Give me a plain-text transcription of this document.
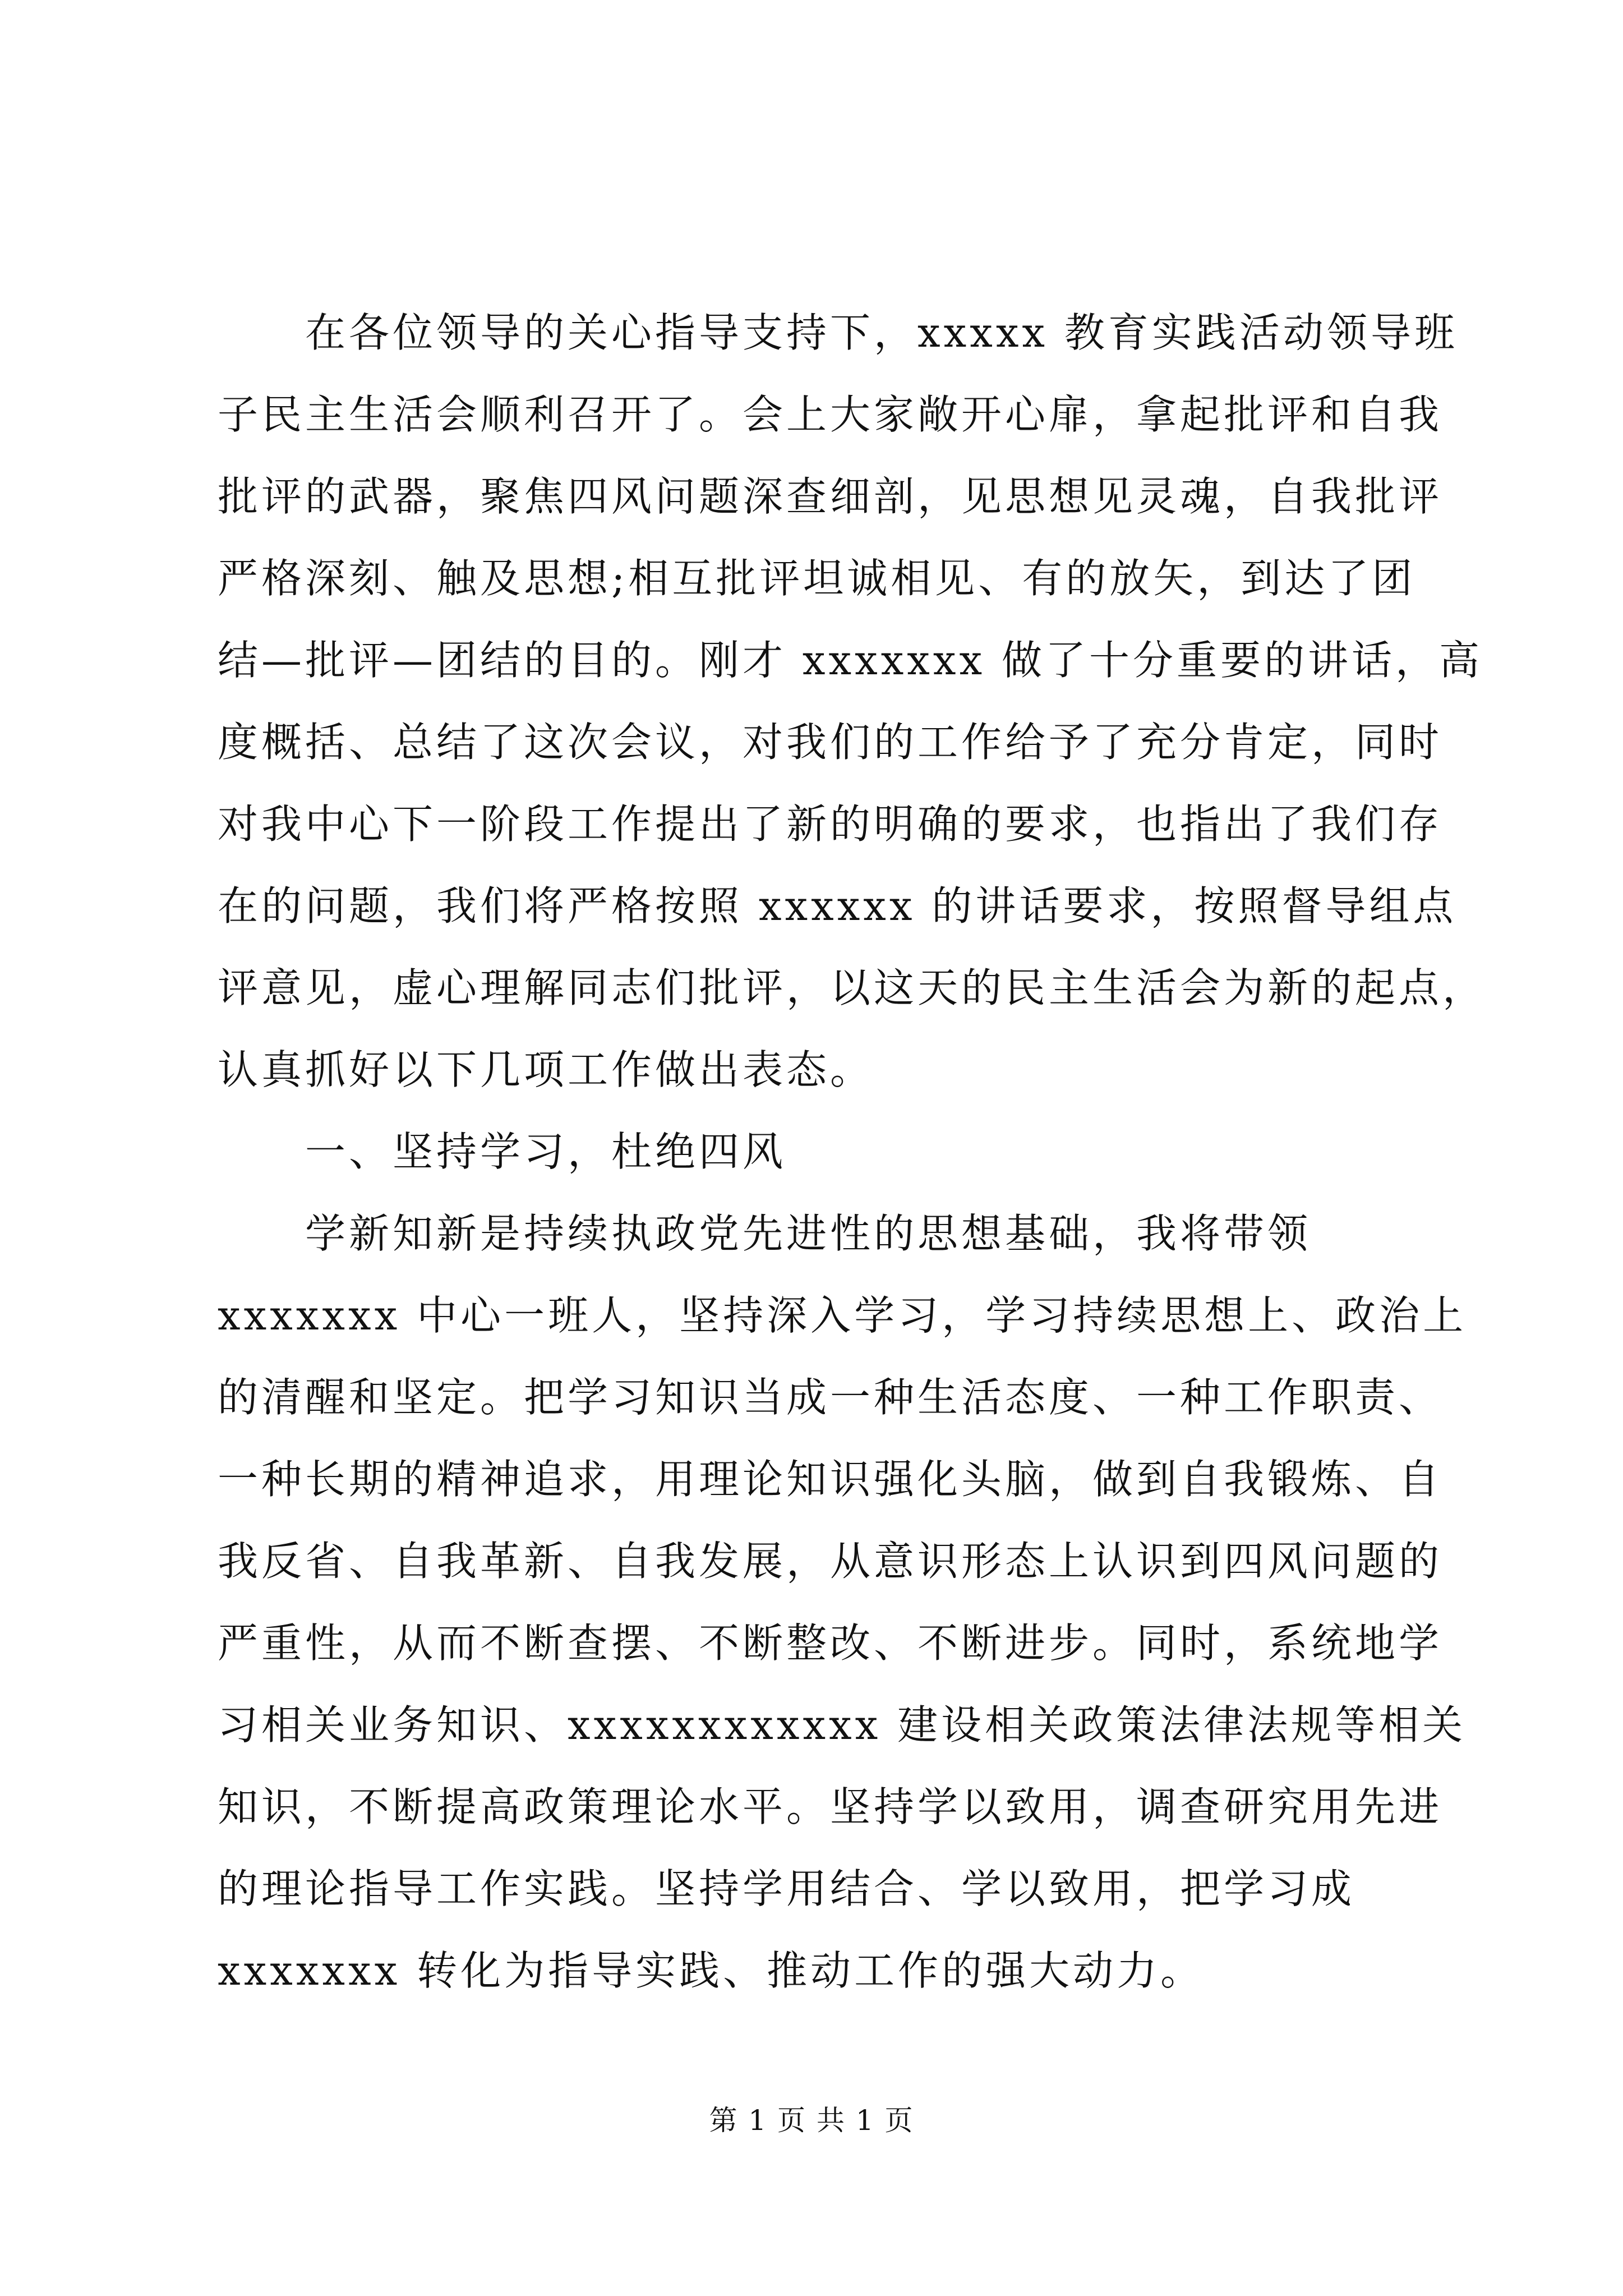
　　在各位领导的关心指导支持下，xxxxx 教育实践活动领导班
子民主生活会顺利召开了。会上大家敞开心扉，拿起批评和自我
批评的武器，聚焦四风问题深查细剖，见思想见灵魂，自我批评
严格深刻、触及思想;相互批评坦诚相见、有的放矢，到达了团
结—批评—团结的目的。刚才 xxxxxxx 做了十分重要的讲话，高
度概括、总结了这次会议，对我们的工作给予了充分肯定，同时
对我中心下一阶段工作提出了新的明确的要求，也指出了我们存
在的问题，我们将严格按照 xxxxxx 的讲话要求，按照督导组点
评意见，虚心理解同志们批评，以这天的民主生活会为新的起点，
认真抓好以下几项工作做出表态。
　　一、坚持学习，杜绝四风
　　学新知新是持续执政党先进性的思想基础，我将带领
xxxxxxx 中心一班人，坚持深入学习，学习持续思想上、政治上
的清醒和坚定。把学习知识当成一种生活态度、一种工作职责、
一种长期的精神追求，用理论知识强化头脑，做到自我锻炼、自
我反省、自我革新、自我发展，从意识形态上认识到四风问题的
严重性，从而不断查摆、不断整改、不断进步。同时，系统地学
习相关业务知识、xxxxxxxxxxxx 建设相关政策法律法规等相关
知识，不断提高政策理论水平。坚持学以致用，调查研究用先进
的理论指导工作实践。坚持学用结合、学以致用，把学习成
xxxxxxx 转化为指导实践、推动工作的强大动力。
第 1 页 共 1 页
